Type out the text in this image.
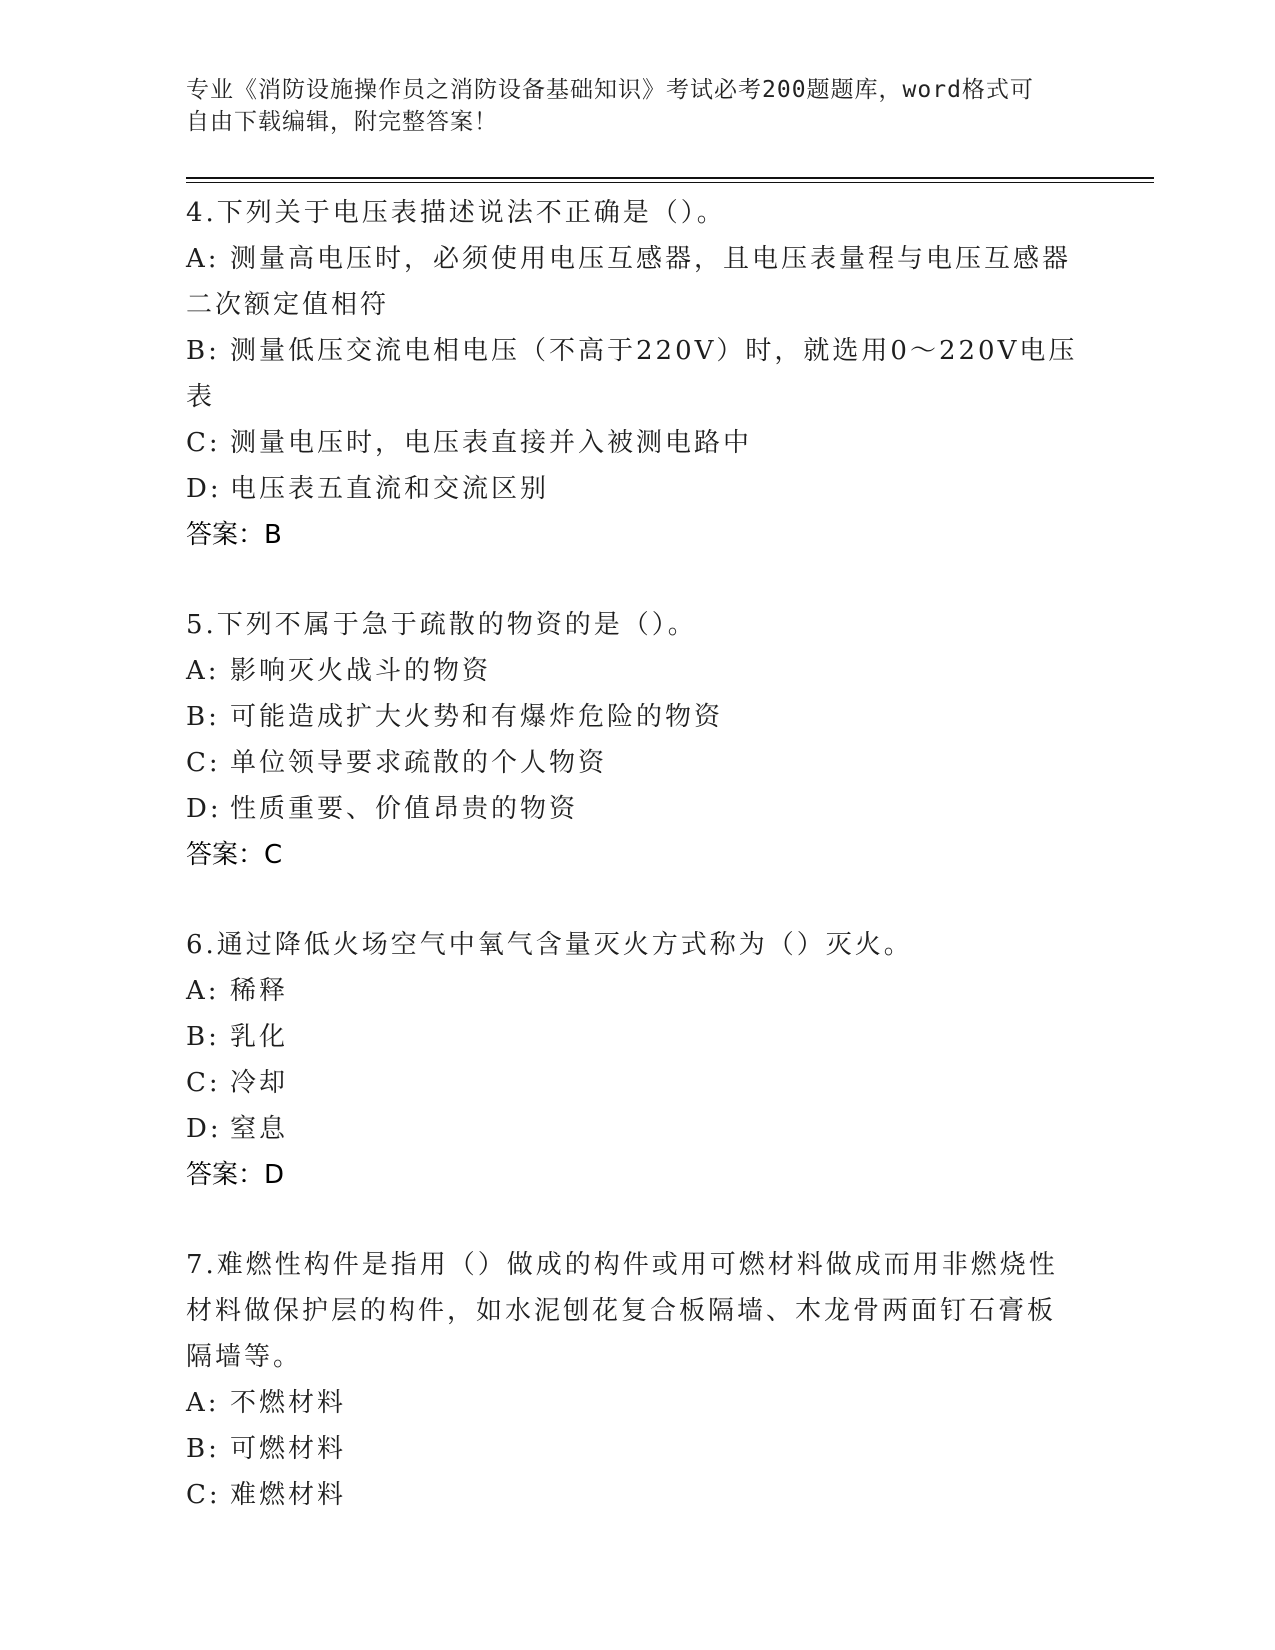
专业《消防设施操作员之消防设备基础知识》考试必考200题题库，word格式可
自由下载编辑，附完整答案！
4.下列关于电压表描述说法不正确是（）。
A: 测量高电压时，必须使用电压互感器，且电压表量程与电压互感器
二次额定值相符
B: 测量低压交流电相电压（不高于220V）时，就选用0～220V电压表
C: 测量电压时，电压表直接并入被测电路中
D: 电压表五直流和交流区别
答案：B
5.下列不属于急于疏散的物资的是（）。
A: 影响灭火战斗的物资
B: 可能造成扩大火势和有爆炸危险的物资
C: 单位领导要求疏散的个人物资
D: 性质重要、价值昂贵的物资
答案：C
6.通过降低火场空气中氧气含量灭火方式称为（）灭火。
A: 稀释
B: 乳化
C: 冷却
D: 窒息
答案：D
7.难燃性构件是指用（）做成的构件或用可燃材料做成而用非燃烧性
材料做保护层的构件，如水泥刨花复合板隔墙、木龙骨两面钉石膏板
隔墙等。
A: 不燃材料
B: 可燃材料
C: 难燃材料
